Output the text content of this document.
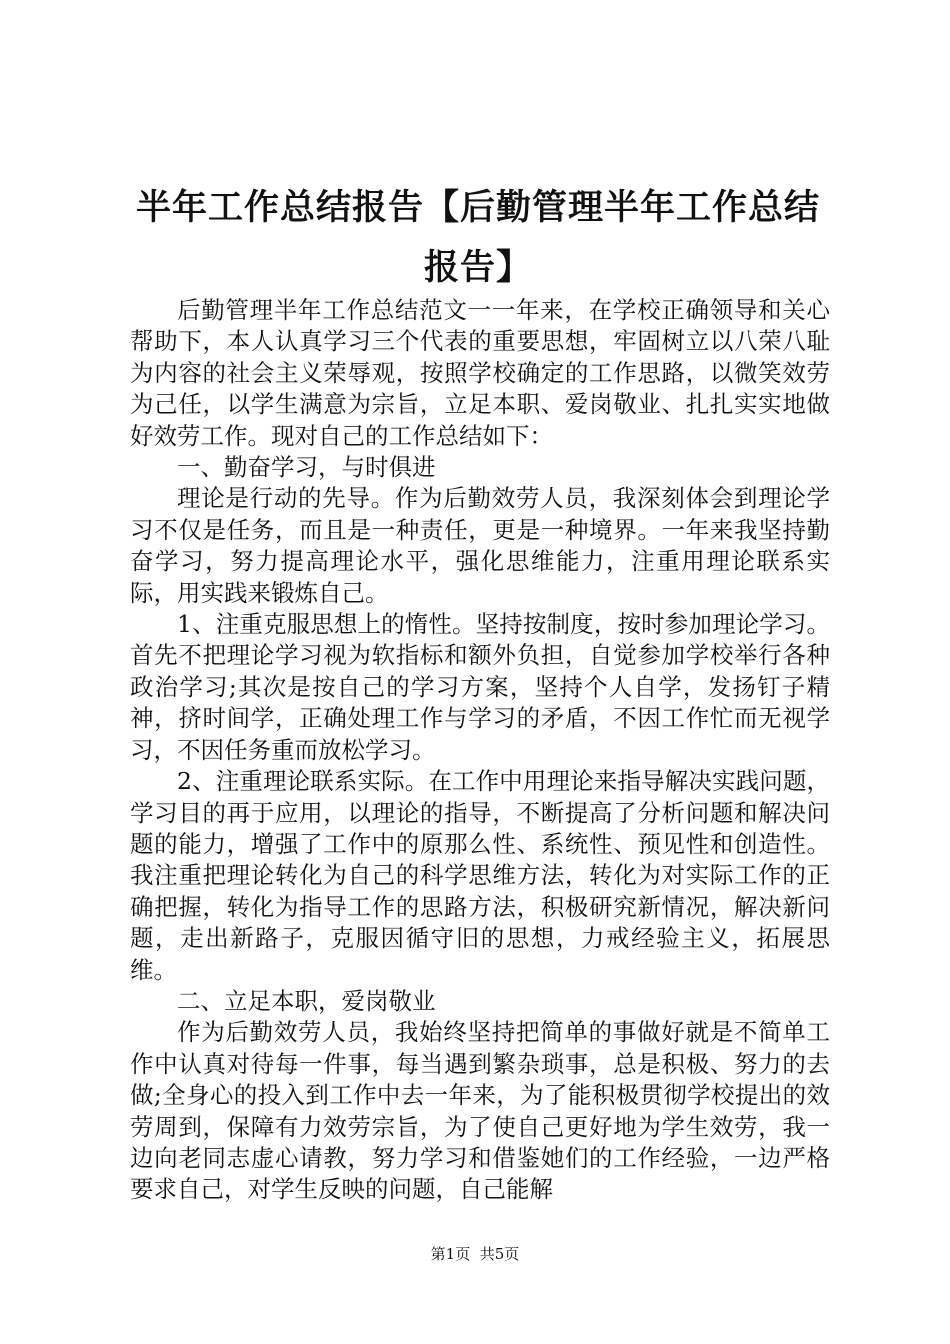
半年工作总结报告【后勤管理半年工作总结报告】

后勤管理半年工作总结范文一一年来，在学校正确领导和关心帮助下，本人认真学习三个代表的重要思想，牢固树立以八荣八耻为内容的社会主义荣辱观，按照学校确定的工作思路，以微笑效劳为己任，以学生满意为宗旨，立足本职、爱岗敬业、扎扎实实地做好效劳工作。现对自己的工作总结如下：

一、勤奋学习，与时俱进

理论是行动的先导。作为后勤效劳人员，我深刻体会到理论学习不仅是任务，而且是一种责任，更是一种境界。一年来我坚持勤奋学习，努力提高理论水平，强化思维能力，注重用理论联系实际，用实践来锻炼自己。

1、注重克服思想上的惰性。坚持按制度，按时参加理论学习。首先不把理论学习视为软指标和额外负担，自觉参加学校举行各种政治学习;其次是按自己的学习方案，坚持个人自学，发扬钉子精神，挤时间学，正确处理工作与学习的矛盾，不因工作忙而无视学习，不因任务重而放松学习。

2、注重理论联系实际。在工作中用理论来指导解决实践问题，学习目的再于应用，以理论的指导，不断提高了分析问题和解决问题的能力，增强了工作中的原那么性、系统性、预见性和创造性。我注重把理论转化为自己的科学思维方法，转化为对实际工作的正确把握，转化为指导工作的思路方法，积极研究新情况，解决新问题，走出新路子，克服因循守旧的思想，力戒经验主义，拓展思维。

二、立足本职，爱岗敬业

作为后勤效劳人员，我始终坚持把简单的事做好就是不简单工作中认真对待每一件事，每当遇到繁杂琐事，总是积极、努力的去做;全身心的投入到工作中去一年来，为了能积极贯彻学校提出的效劳周到，保障有力效劳宗旨，为了使自己更好地为学生效劳，我一边向老同志虚心请教，努力学习和借鉴她们的工作经验，一边严格要求自己，对学生反映的问题，自己能解

第1页 共5页
